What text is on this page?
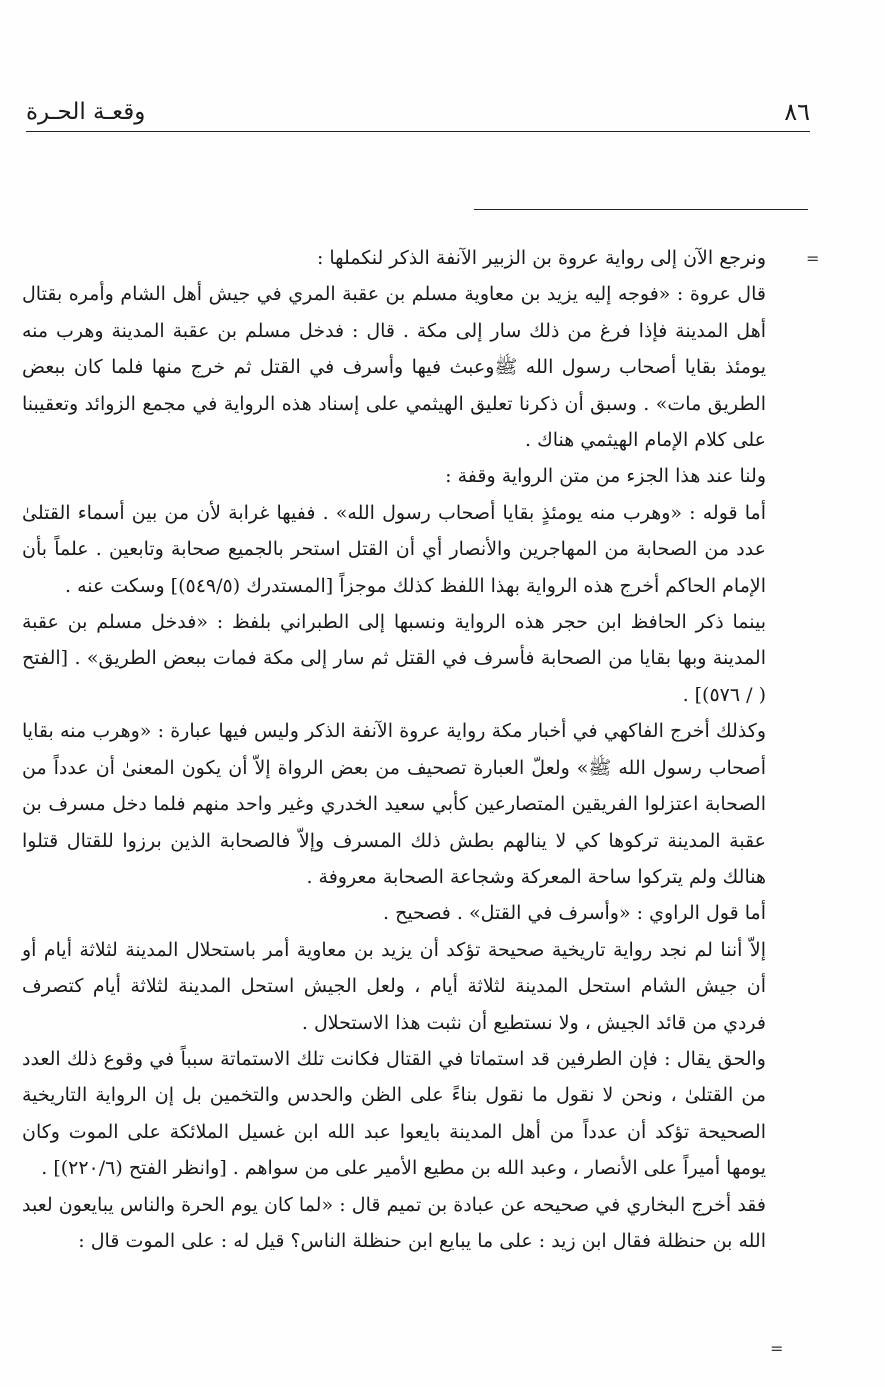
٨٦
وقعـة الحـرة
=

ونرجع الآن إلى رواية عروة بن الزبير الآنفة الذكر لنكملها :

قال عروة : «فوجه إليه يزيد بن معاوية مسلم بن عقبة المري في جيش أهل الشام وأمره بقتال أهل المدينة فإذا فرغ من ذلك سار إلى مكة . قال : فدخل مسلم بن عقبة المدينة وهرب منه يومئذ بقايا أصحاب رسول الله ﷺوعبث فيها وأسرف في القتل ثم خرج منها فلما كان ببعض الطريق مات» . وسبق أن ذكرنا تعليق الهيثمي على إسناد هذه الرواية في مجمع الزوائد وتعقيبنا على كلام الإمام الهيثمي هناك .

ولنا عند هذا الجزء من متن الرواية وقفة :

أما قوله : «وهرب منه يومئذٍ بقايا أصحاب رسول الله» . ففيها غرابة لأن من بين أسماء القتلىٰ عدد من الصحابة من المهاجرين والأنصار أي أن القتل استحر بالجميع صحابة وتابعين . علماً بأن الإمام الحاكم أخرج هذه الرواية بهذا اللفظ كذلك موجزاً [المستدرك (٥٤٩/٥)] وسكت عنه .

بينما ذكر الحافظ ابن حجر هذه الرواية ونسبها إلى الطبراني بلفظ : «فدخل مسلم بن عقبة المدينة وبها بقايا من الصحابة فأسرف في القتل ثم سار إلى مكة فمات ببعض الطريق» . [الفتح ( / ٥٧٦)] .

وكذلك أخرج الفاكهي في أخبار مكة رواية عروة الآنفة الذكر وليس فيها عبارة : «وهرب منه بقايا أصحاب رسول الله ﷺ» ولعلّ العبارة تصحيف من بعض الرواة إلاّ أن يكون المعنىٰ أن عدداً من الصحابة اعتزلوا الفريقين المتصارعين كأبي سعيد الخدري وغير واحد منهم فلما دخل مسرف بن عقبة المدينة تركوها كي لا ينالهم بطش ذلك المسرف وإلاّ فالصحابة الذين برزوا للقتال قتلوا هنالك ولم يتركوا ساحة المعركة وشجاعة الصحابة معروفة .

أما قول الراوي : «وأسرف في القتل» . فصحيح .

إلاّ أننا لم نجد رواية تاريخية صحيحة تؤكد أن يزيد بن معاوية أمر باستحلال المدينة لثلاثة أيام أو أن جيش الشام استحل المدينة لثلاثة أيام ، ولعل الجيش استحل المدينة لثلاثة أيام كتصرف فردي من قائد الجيش ، ولا نستطيع أن نثبت هذا الاستحلال .

والحق يقال : فإن الطرفين قد استماتا في القتال فكانت تلك الاستماتة سبباً في وقوع ذلك العدد من القتلىٰ ، ونحن لا نقول ما نقول بناءً على الظن والحدس والتخمين بل إن الرواية التاريخية الصحيحة تؤكد أن عدداً من أهل المدينة بايعوا عبد الله ابن غسيل الملائكة على الموت وكان يومها أميراً على الأنصار ، وعبد الله بن مطيع الأمير على من سواهم . [وانظر الفتح (٢٢٠/٦)] .

فقد أخرج البخاري في صحيحه عن عبادة بن تميم قال : «لما كان يوم الحرة والناس يبايعون لعبد الله بن حنظلة فقال ابن زيد : على ما يبايع ابن حنظلة الناس؟ قيل له : على الموت قال :

=
